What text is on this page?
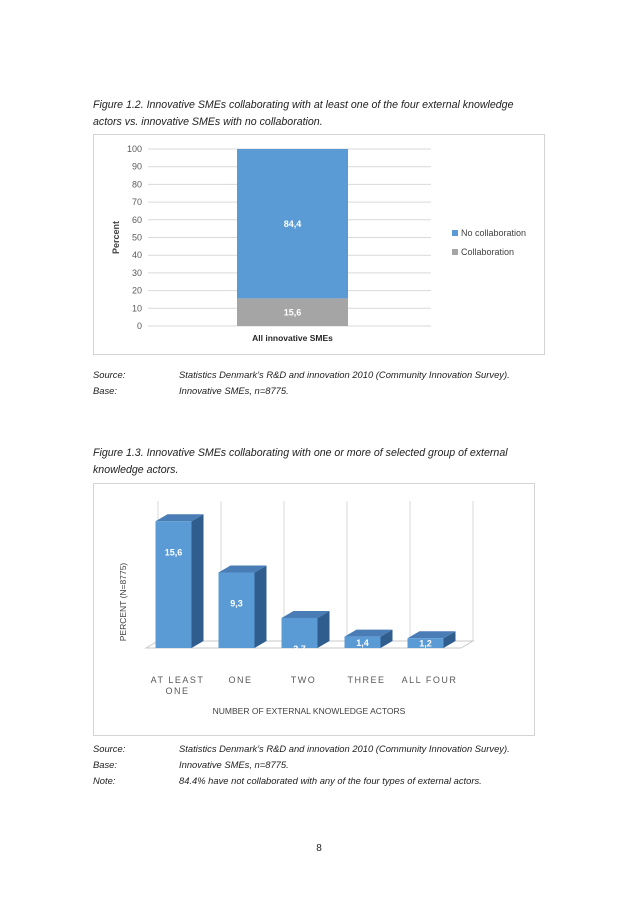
Figure 1.2. Innovative SMEs collaborating with at least one of the four external knowledge
actors vs. innovative SMEs with no collaboration.
0
10
20
30
40
50
60
70
80
90
100
Percent
15,6
84,4
All innovative SMEs
No collaboration
Collaboration
Source:	Statistics Denmark’s R&D and innovation 2010 (Community Innovation Survey).
Base:	Innovative SMEs, n=8775.
Figure 1.3. Innovative SMEs collaborating with one or more of selected group of external
knowledge actors.
15,6
AT LEAST
ONE
9,3
ONE
3,7
TWO
1,4
THREE
1,2
ALL FOUR
PERCENT (N=8775)
NUMBER OF EXTERNAL KNOWLEDGE ACTORS
Source:	Statistics Denmark’s R&D and innovation 2010 (Community Innovation Survey).
Base:	Innovative SMEs, n=8775.
Note:	84.4% have not collaborated with any of the four types of external actors.
8
